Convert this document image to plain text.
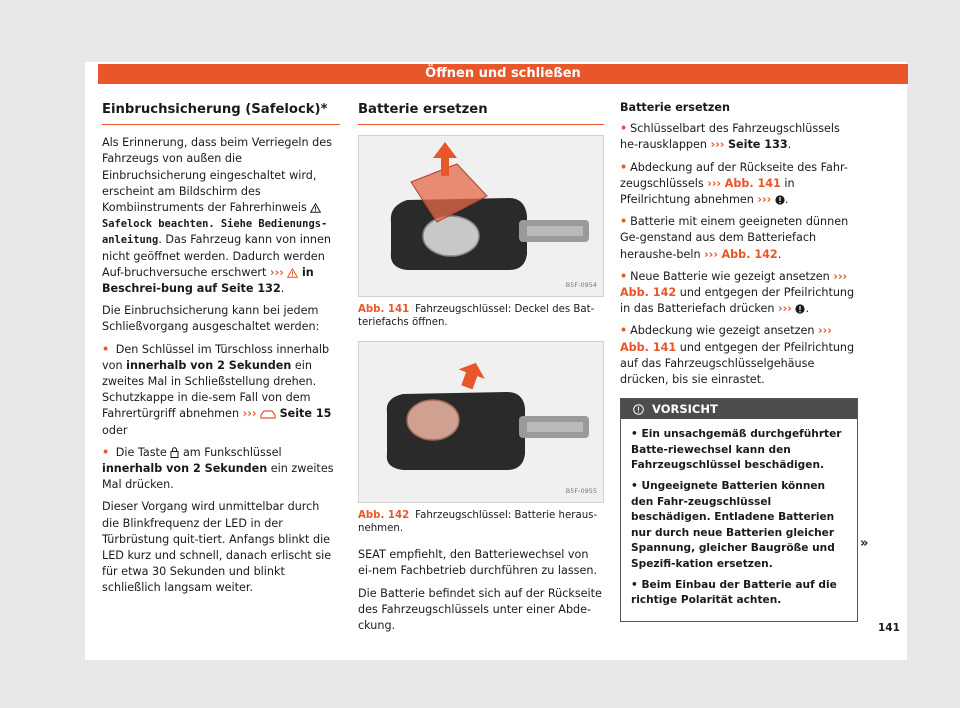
Öffnen und schließen
Einbruchsicherung (Safelock)*

Als Erinnerung, dass beim Verriegeln des Fahrzeugs von außen die Einbruchsicherung eingeschaltet wird, erscheint am Bildschirm des Kombiinstruments der Fahrerhinweis  Safelock beachten. Siehe Bedienungs-anleitung. Das Fahrzeug kann von innen nicht geöffnet werden. Dadurch werden Auf-bruchversuche erschwert ››› in Beschrei-bung auf Seite 132.

Die Einbruchsicherung kann bei jedem Schließvorgang ausgeschaltet werden:

• Den Schlüssel im Türschloss innerhalb von innerhalb von 2 Sekunden ein zweites Mal in Schließstellung drehen. Schutzkappe in die-sem Fall von dem Fahrertürgriff abnehmen ››› Seite 15 oder
• Die Taste am Funkschlüssel innerhalb von 2 Sekunden ein zweites Mal drücken.

Dieser Vorgang wird unmittelbar durch die Blinkfrequenz der LED in der Türbrüstung quit-tiert. Anfangs blinkt die LED kurz und schnell, danach erlischt sie für etwa 30 Sekunden und blinkt schließlich langsam weiter.

Batterie ersetzen
B5F-0954
Abb. 141 Fahrzeugschlüssel: Deckel des Bat-teriefachs öffnen.
B5F-0955
Abb. 142 Fahrzeugschlüssel: Batterie heraus-nehmen.

SEAT empfiehlt, den Batteriewechsel von ei-nem Fachbetrieb durchführen zu lassen.

Die Batterie befindet sich auf der Rückseite des Fahrzeugschlüssels unter einer Abde-ckung.

Batterie ersetzen
• Schlüsselbart des Fahrzeugschlüssels he-rausklappen ››› Seite 133.
• Abdeckung auf der Rückseite des Fahr-zeugschlüssels ››› Abb. 141 in Pfeilrichtung abnehmen ››› .
• Batterie mit einem geeigneten dünnen Ge-genstand aus dem Batteriefach heraushe-beln ››› Abb. 142.
• Neue Batterie wie gezeigt ansetzen ››› Abb. 142 und entgegen der Pfeilrichtung in das Batteriefach drücken ››› .
• Abdeckung wie gezeigt ansetzen ››› Abb. 141 und entgegen der Pfeilrichtung auf das Fahrzeugschlüsselgehäuse drücken, bis sie einrastet.
VORSICHT
• Ein unsachgemäß durchgeführter Batte-riewechsel kann den Fahrzeugschlüssel beschädigen.
• Ungeeignete Batterien können den Fahr-zeugschlüssel beschädigen. Entladene Batterien nur durch neue Batterien gleicher Spannung, gleicher Baugröße und Spezifi-kation ersetzen.
• Beim Einbau der Batterie auf die richtige Polarität achten.
»
141
